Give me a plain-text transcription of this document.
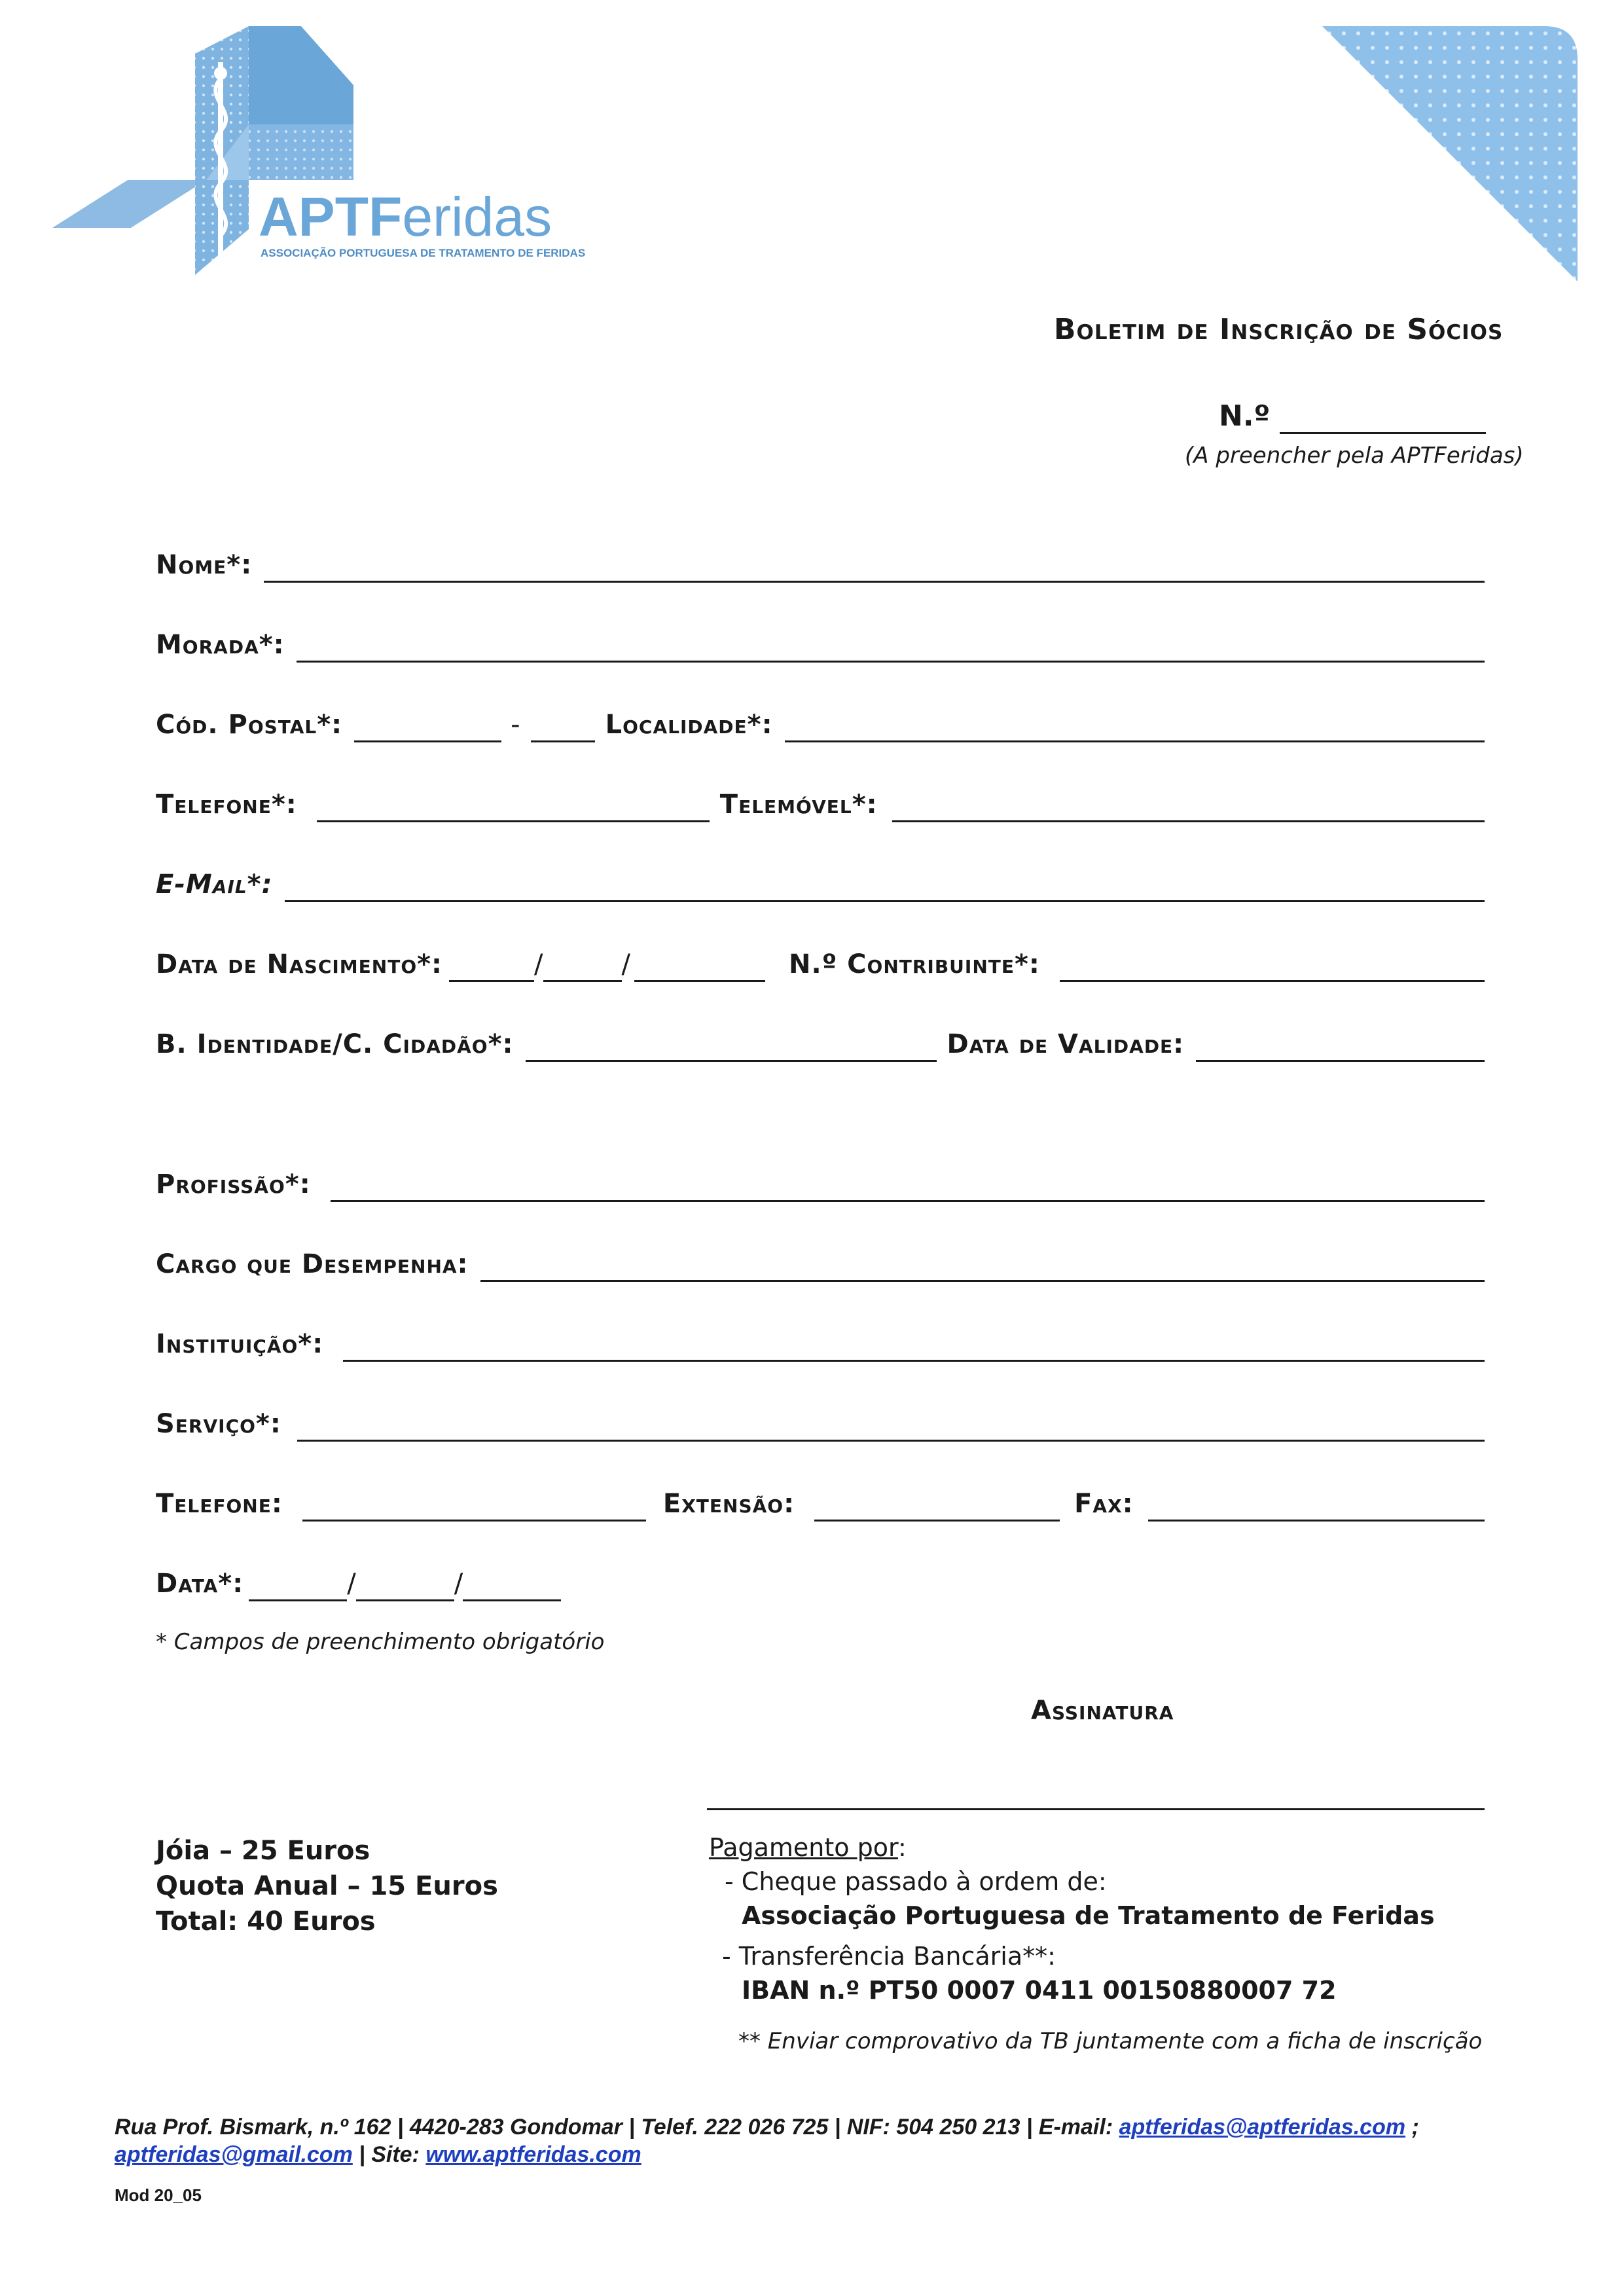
APTFeridas
ASSOCIAÇÃO PORTUGUESA DE TRATAMENTO DE FERIDAS
Boletim de Inscrição de Sócios
N.º
(A preencher pela APTFeridas)
Nome*:
Morada*:
Cód. Postal*:	-	Localidade*:
Telefone*:	Telemóvel*:
E-Mail*:
Data de Nascimento*:	/	/	N.º Contribuinte*:
B. Identidade/C. Cidadão*:	Data de Validade:
Profissão*:
Cargo que Desempenha:
Instituição*:
Serviço*:
Telefone:	Extensão:	Fax:
Data*:	/	/
* Campos de preenchimento obrigatório
Assinatura
Jóia – 25 Euros
Quota Anual – 15 Euros
Total: 40 Euros
Pagamento por:
- Cheque passado à ordem de:
Associação Portuguesa de Tratamento de Feridas
- Transferência Bancária**:
IBAN n.º PT50 0007 0411 00150880007 72
** Enviar comprovativo da TB juntamente com a ficha de inscrição
Rua Prof. Bismark, n.º 162 | 4420-283 Gondomar | Telef. 222 026 725 | NIF: 504 250 213 | E-mail: aptferidas@aptferidas.com ;
aptferidas@gmail.com | Site: www.aptferidas.com
Mod 20_05
